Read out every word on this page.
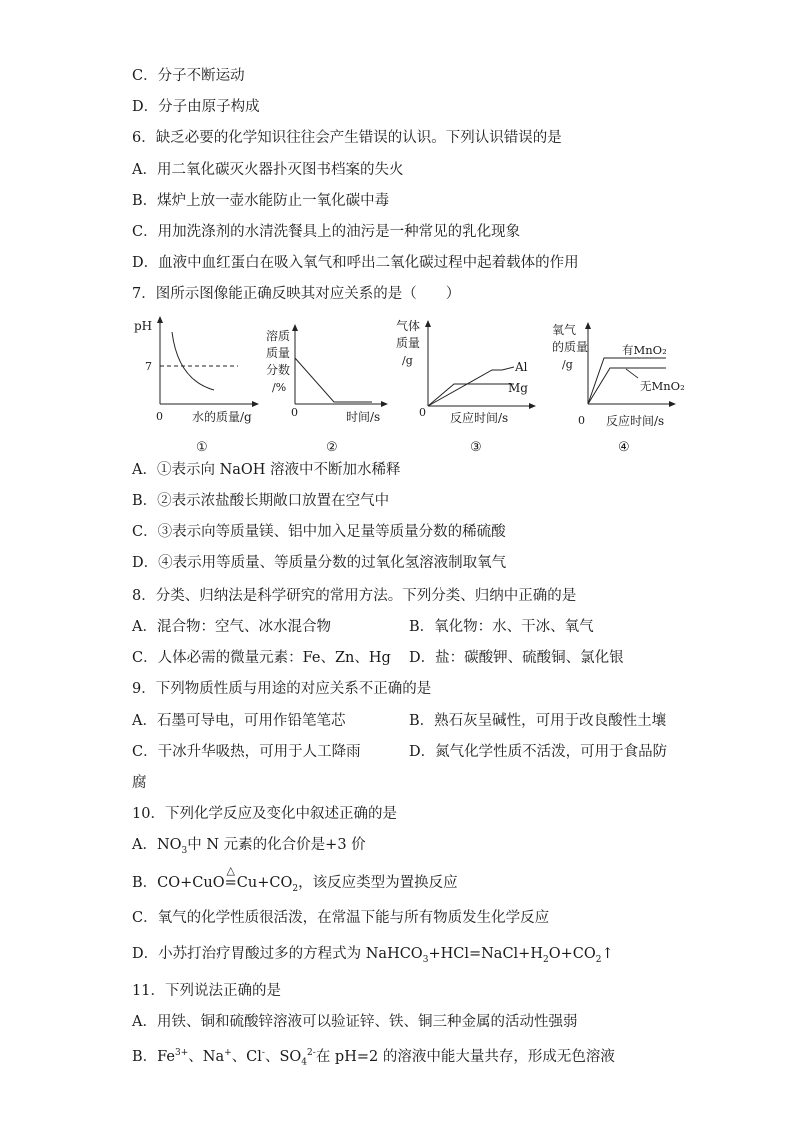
C．分子不断运动
D．分子由原子构成
6．缺乏必要的化学知识往往会产生错误的认识。下列认识错误的是
A．用二氧化碳灭火器扑灭图书档案的失火
B．煤炉上放一壶水能防止一氧化碳中毒
C．用加洗涤剂的水清洗餐具上的油污是一种常见的乳化现象
D．血液中血红蛋白在吸入氧气和呼出二氧化碳过程中起着载体的作用
7．图所示图像能正确反映其对应关系的是（　　）
pH
7
0 水的质量/g
①
溶质
质量
分数
/%
0	时间/s
②
气体
质量
/g	Al
Mg
0 反应时间/s
③
氧气
的质量
/g
有MnO₂
无MnO₂
0 反应时间/s
④
A．①表示向 NaOH 溶液中不断加水稀释
B．②表示浓盐酸长期敞口放置在空气中
C．③表示向等质量镁、铝中加入足量等质量分数的稀硫酸
D．④表示用等质量、等质量分数的过氧化氢溶液制取氧气
8．分类、归纳法是科学研究的常用方法。下列分类、归纳中正确的是
A．混合物：空气、冰水混合物	B．氧化物：水、干冰、氧气
C．人体必需的微量元素：Fe、Zn、Hg D．盐：碳酸钾、硫酸铜、氯化银
9．下列物质性质与用途的对应关系不正确的是
A．石墨可导电，可用作铅笔笔芯	B．熟石灰呈碱性，可用于改良酸性土壤
C．干冰升华吸热，可用于人工降雨	D．氮气化学性质不活泼，可用于食品防
腐
10．下列化学反应及变化中叙述正确的是
A．$NO_3$中 N 元素的化合价是+3 价
B．CO+CuO
△
$=Cu+CO_2$，该反应类型为置换反应
C．氧气的化学性质很活泼，在常温下能与所有物质发生化学反应
D．小苏打治疗胃酸过多的方程式为 $NaHCO_3+HCl=NaCl+H_2O+CO_2↑$
11．下列说法正确的是
A．用铁、铜和硫酸锌溶液可以验证锌、铁、铜三种金属的活动性强弱
B．$Fe^{3+}$、Na+、Cl-、$SO_4^{2-}$在 pH=2 的溶液中能大量共存，形成无色溶液
